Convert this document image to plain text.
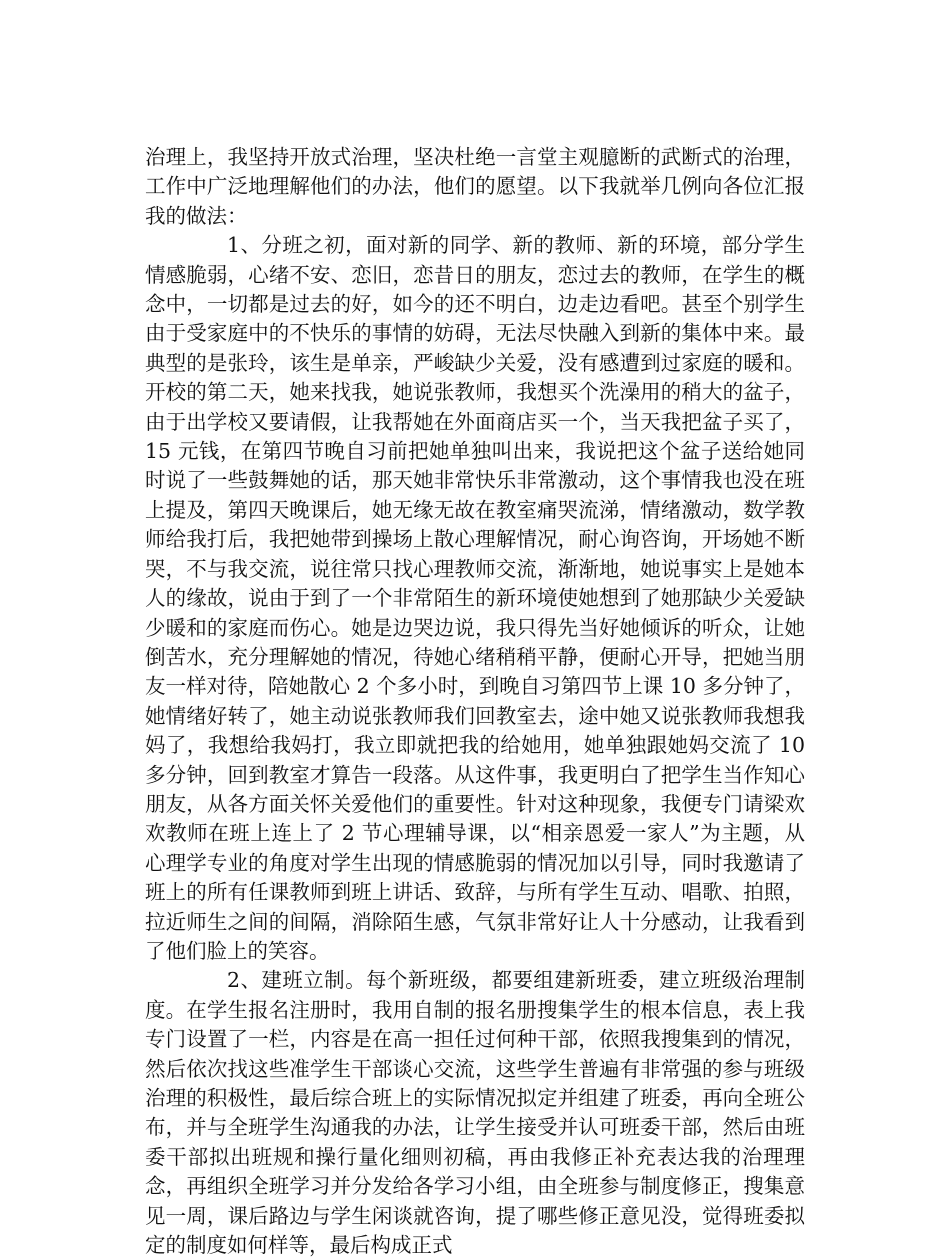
治理上，我坚持开放式治理，坚决杜绝一言堂主观臆断的武断式的治理，工作中广泛地理解他们的办法，他们的愿望。以下我就举几例向各位汇报我的做法：

1、分班之初，面对新的同学、新的教师、新的环境，部分学生情感脆弱，心绪不安、恋旧，恋昔日的朋友，恋过去的教师，在学生的概念中，一切都是过去的好，如今的还不明白，边走边看吧。甚至个别学生由于受家庭中的不快乐的事情的妨碍，无法尽快融入到新的集体中来。最典型的是张玲，该生是单亲，严峻缺少关爱，没有感遭到过家庭的暖和。开校的第二天，她来找我，她说张教师，我想买个洗澡用的稍大的盆子，由于出学校又要请假，让我帮她在外面商店买一个，当天我把盆子买了，15 元钱，在第四节晚自习前把她单独叫出来，我说把这个盆子送给她同时说了一些鼓舞她的话，那天她非常快乐非常激动，这个事情我也没在班上提及，第四天晚课后，她无缘无故在教室痛哭流涕，情绪激动，数学教师给我打后，我把她带到操场上散心理解情况，耐心询咨询，开场她不断哭，不与我交流，说往常只找心理教师交流，渐渐地，她说事实上是她本人的缘故，说由于到了一个非常陌生的新环境使她想到了她那缺少关爱缺少暖和的家庭而伤心。她是边哭边说，我只得先当好她倾诉的听众，让她倒苦水，充分理解她的情况，待她心绪稍稍平静，便耐心开导，把她当朋友一样对待，陪她散心 2 个多小时，到晚自习第四节上课 10 多分钟了，她情绪好转了，她主动说张教师我们回教室去，途中她又说张教师我想我妈了，我想给我妈打，我立即就把我的给她用，她单独跟她妈交流了 10 多分钟，回到教室才算告一段落。从这件事，我更明白了把学生当作知心朋友，从各方面关怀关爱他们的重要性。针对这种现象，我便专门请梁欢欢教师在班上连上了 2 节心理辅导课，以“相亲恩爱一家人”为主题，从心理学专业的角度对学生出现的情感脆弱的情况加以引导，同时我邀请了班上的所有任课教师到班上讲话、致辞，与所有学生互动、唱歌、拍照，拉近师生之间的间隔，消除陌生感，气氛非常好让人十分感动，让我看到了他们脸上的笑容。

2、建班立制。每个新班级，都要组建新班委，建立班级治理制度。在学生报名注册时，我用自制的报名册搜集学生的根本信息，表上我专门设置了一栏，内容是在高一担任过何种干部，依照我搜集到的情况，然后依次找这些准学生干部谈心交流，这些学生普遍有非常强的参与班级治理的积极性，最后综合班上的实际情况拟定并组建了班委，再向全班公布，并与全班学生沟通我的办法，让学生接受并认可班委干部，然后由班委干部拟出班规和操行量化细则初稿，再由我修正补充表达我的治理理念，再组织全班学习并分发给各学习小组，由全班参与制度修正，搜集意见一周，课后路边与学生闲谈就咨询，提了哪些修正意见没，觉得班委拟定的制度如何样等，最后构成正式
